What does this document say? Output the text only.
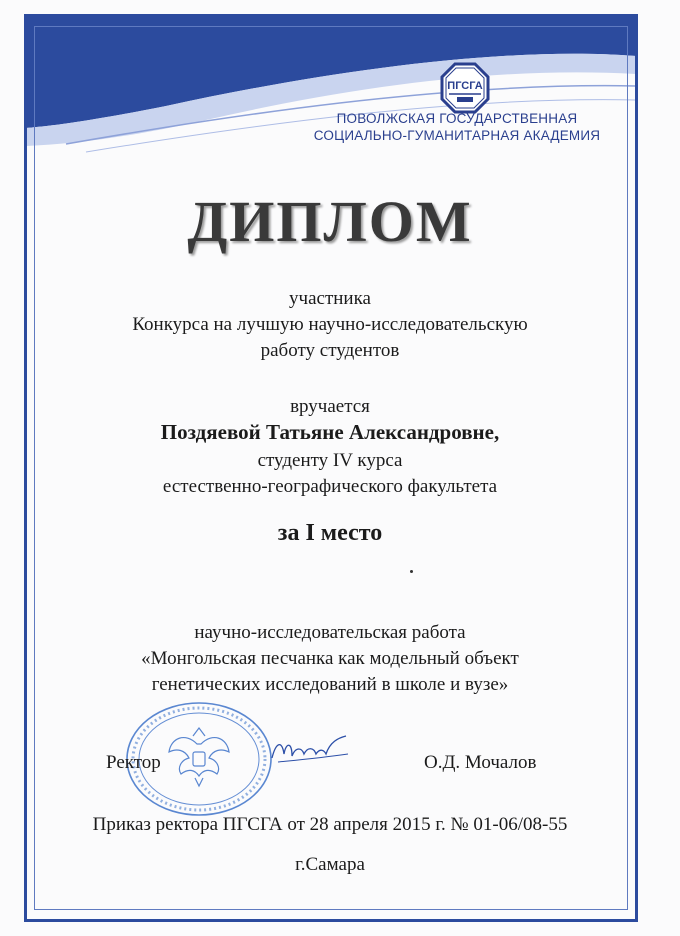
ПГСГА
ПОВОЛЖСКАЯ ГОСУДАРСТВЕННАЯ
СОЦИАЛЬНО-ГУМАНИТАРНАЯ АКАДЕМИЯ
ДИПЛОМ
участника
Конкурса на лучшую научно-исследовательскую
работу студентов
вручается
Поздяевой Татьяне Александровне,
студенту IV курса
естественно-географического факультета
за I место
научно-исследовательская работа
«Монгольская песчанка как модельный объект
генетических исследований в школе и вузе»
Ректор	О.Д. Мочалов
Приказ ректора ПГСГА от 28 апреля 2015 г. № 01-06/08-55
г.Самара
